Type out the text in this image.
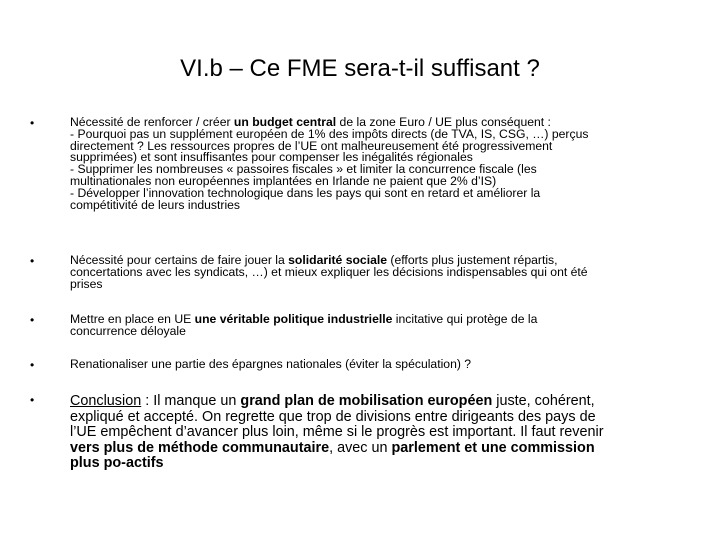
VI.b – Ce FME sera-t-il suffisant ?
•	Nécessité de renforcer / créer un budget central de la zone Euro / UE plus conséquent :
- Pourquoi pas un supplément européen de 1% des impôts directs (de TVA, IS, CSG, …) perçus
directement ? Les ressources propres de l’UE ont malheureusement été progressivement
supprimées) et sont insuffisantes pour compenser les inégalités régionales
- Supprimer les nombreuses « passoires fiscales » et limiter la concurrence fiscale (les
multinationales non européennes implantées en Irlande ne paient que 2% d’IS)
- Développer l’innovation technologique dans les pays qui sont en retard et améliorer la
compétitivité de leurs industries
•	Nécessité pour certains de faire jouer la solidarité sociale (efforts plus justement répartis,
concertations avec les syndicats, …) et mieux expliquer les décisions indispensables qui ont été
prises
•	Mettre en place en UE une véritable politique industrielle incitative qui protège de la
concurrence déloyale
•	Renationaliser une partie des épargnes nationales (éviter la spéculation) ?
• Conclusion : Il manque un grand plan de mobilisation européen juste, cohérent,
expliqué et accepté. On regrette que trop de divisions entre dirigeants des pays de
l’UE empêchent d’avancer plus loin, même si le progrès est important. Il faut revenir
vers plus de méthode communautaire, avec un parlement et une commission
plus po-actifs
